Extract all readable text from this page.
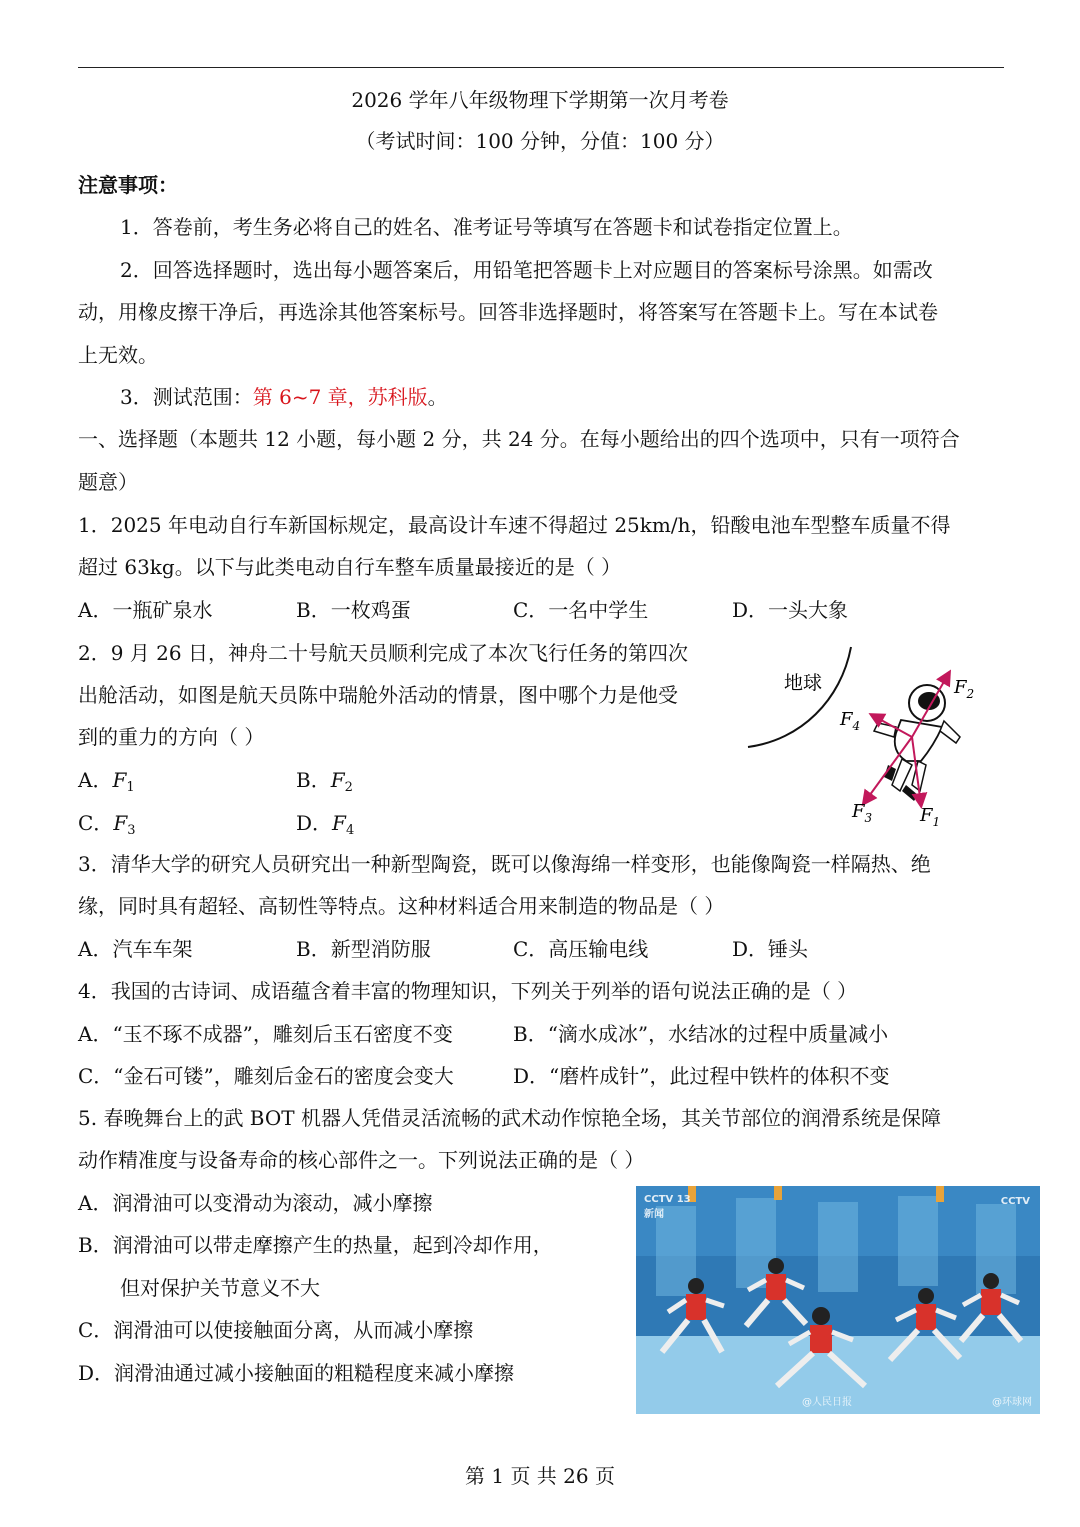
2026 学年八年级物理下学期第一次月考卷
（考试时间：100 分钟，分值：100 分）
注意事项：
1．答卷前，考生务必将自己的姓名、准考证号等填写在答题卡和试卷指定位置上。
2．回答选择题时，选出每小题答案后，用铅笔把答题卡上对应题目的答案标号涂黑。如需改
动，用橡皮擦干净后，再选涂其他答案标号。回答非选择题时，将答案写在答题卡上。写在本试卷
上无效。
3．测试范围：第 6~7 章，苏科版。
一、选择题（本题共 12 小题，每小题 2 分，共 24 分。在每小题给出的四个选项中，只有一项符合
题意）
1．2025 年电动自行车新国标规定，最高设计车速不得超过 25km/h，铅酸电池车型整车质量不得
超过 63kg。以下与此类电动自行车整车质量最接近的是（ ）
A．一瓶矿泉水	B．一枚鸡蛋	C．一名中学生	D．一头大象
2．9 月 26 日，神舟二十号航天员顺利完成了本次飞行任务的第四次
出舱活动，如图是航天员陈中瑞舱外活动的情景，图中哪个力是他受
到的重力的方向（ ）
A．$F_1$	B．$F_2$
C．$F_3$	D．$F_4$
地球	$F_2$
$F_4$
$F_3$	$F_1$
3．清华大学的研究人员研究出一种新型陶瓷，既可以像海绵一样变形，也能像陶瓷一样隔热、绝
缘，同时具有超轻、高韧性等特点。这种材料适合用来制造的物品是（ ）
A．汽车车架	B．新型消防服	C．高压输电线	D．锤头
4．我国的古诗词、成语蕴含着丰富的物理知识，下列关于列举的语句说法正确的是（ ）
A．“玉不琢不成器”，雕刻后玉石密度不变	B．“滴水成冰”，水结冰的过程中质量减小
C．“金石可镂”，雕刻后金石的密度会变大	D．“磨杵成针”，此过程中铁杵的体积不变
5. 春晚舞台上的武 BOT 机器人凭借灵活流畅的武术动作惊艳全场，其关节部位的润滑系统是保障
动作精准度与设备寿命的核心部件之一。下列说法正确的是（ ）
A．润滑油可以变滑动为滚动，减小摩擦
B．润滑油可以带走摩擦产生的热量，起到冷却作用，
但对保护关节意义不大
C．润滑油可以使接触面分离，从而减小摩擦
D．润滑油通过减小接触面的粗糙程度来减小摩擦
CCTV 13
新闻
CCTV
@人民日报	@环球网
第 1 页 共 26 页
